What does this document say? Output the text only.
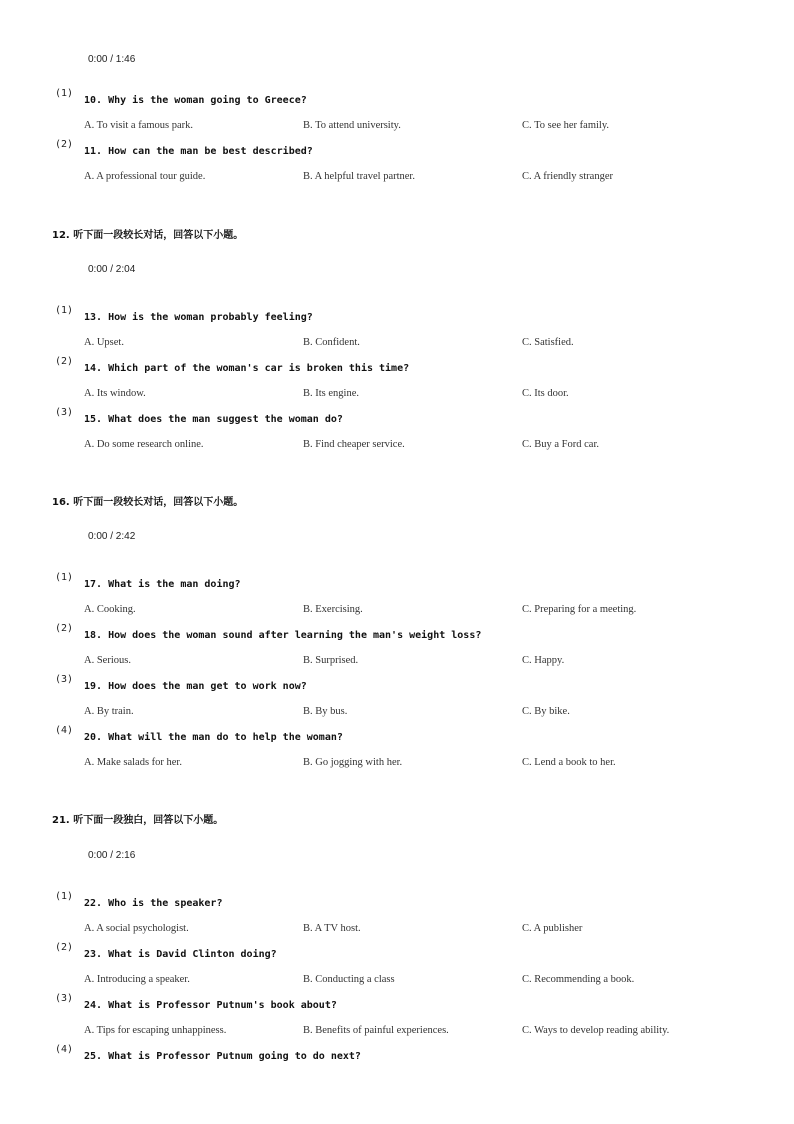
0:00 / 1:46
(1)
10. Why is the woman going to Greece?
A. To visit a famous park.	B. To attend university.	C. To see her family.
(2)
11. How can the man be best described?
A. A professional tour guide.	B. A helpful travel partner.	C. A friendly stranger
12. 听下面一段较长对话，回答以下小题。
0:00 / 2:04
(1)
13. How is the woman probably feeling?
A. Upset.	B. Confident.	C. Satisfied.
(2)
14. Which part of the woman's car is broken this time?
A. Its window.	B. Its engine.	C. Its door.
(3)
15. What does the man suggest the woman do?
A. Do some research online.	B. Find cheaper service.	C. Buy a Ford car.
16. 听下面一段较长对话，回答以下小题。
0:00 / 2:42
(1)
17. What is the man doing?
A. Cooking.	B. Exercising.	C. Preparing for a meeting.
(2)
18. How does the woman sound after learning the man's weight loss?
A. Serious.	B. Surprised.	C. Happy.
(3)
19. How does the man get to work now?
A. By train.	B. By bus.	C. By bike.
(4)
20. What will the man do to help the woman?
A. Make salads for her.	B. Go jogging with her.	C. Lend a book to her.
21. 听下面一段独白，回答以下小题。
0:00 / 2:16
(1)
22. Who is the speaker?
A. A social psychologist.	B. A TV host.	C. A publisher
(2)
23. What is David Clinton doing?
A. Introducing a speaker.	B. Conducting a class	C. Recommending a book.
(3)
24. What is Professor Putnum's book about?
A. Tips for escaping unhappiness.	B. Benefits of painful experiences.	C. Ways to develop reading ability.
(4)
25. What is Professor Putnum going to do next?
